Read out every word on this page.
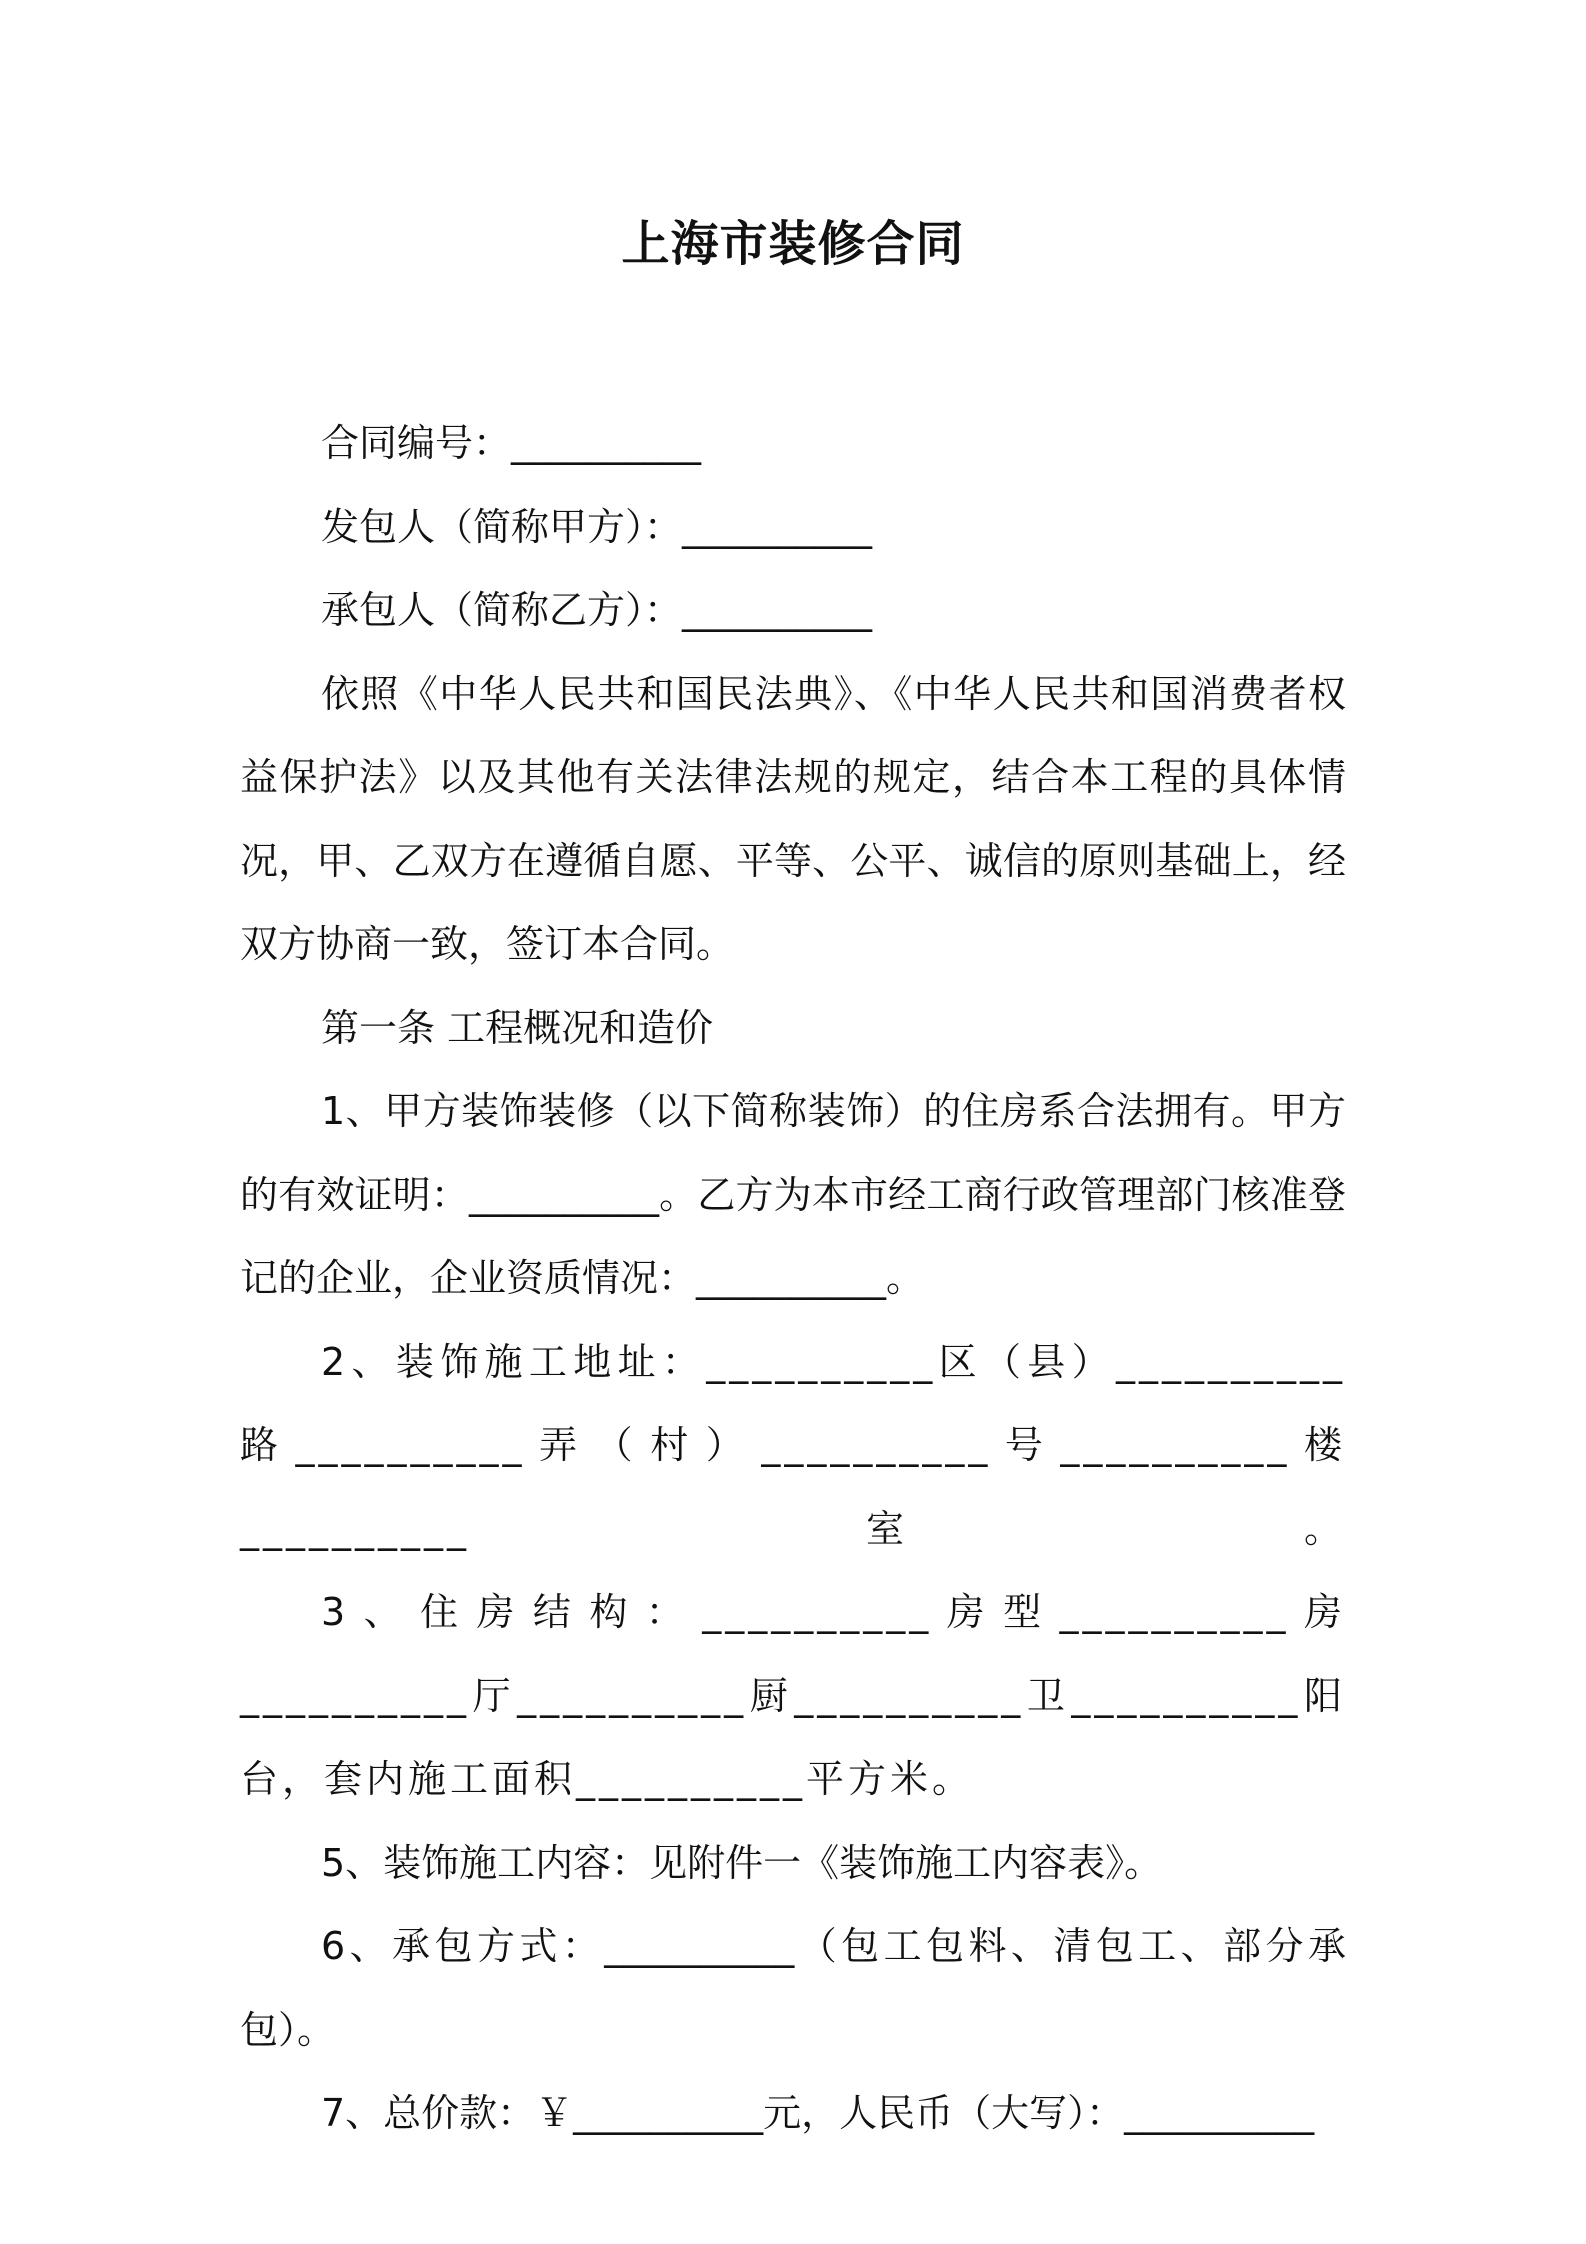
上海市装修合同

合同编号：__________

发包人（简称甲方）：__________

承包人（简称乙方）：__________

依照《中华人民共和国民法典》、《中华人民共和国消费者权益保护法》以及其他有关法律法规的规定，结合本工程的具体情况，甲、乙双方在遵循自愿、平等、公平、诚信的原则基础上，经双方协商一致，签订本合同。

第一条 工程概况和造价

1、甲方装饰装修（以下简称装饰）的住房系合法拥有。甲方的有效证明：__________。乙方为本市经工商行政管理部门核准登记的企业，企业资质情况：__________。

2、装饰施工地址：__________区（县）__________路__________弄（村）__________号__________楼__________室。

3、住房结构：__________房型__________房__________厅__________厨__________卫__________阳台，套内施工面积__________平方米。

5、装饰施工内容：见附件一《装饰施工内容表》。

6、承包方式：__________（包工包料、清包工、部分承包）。

7、总价款：￥__________元，人民币（大写）：__________
